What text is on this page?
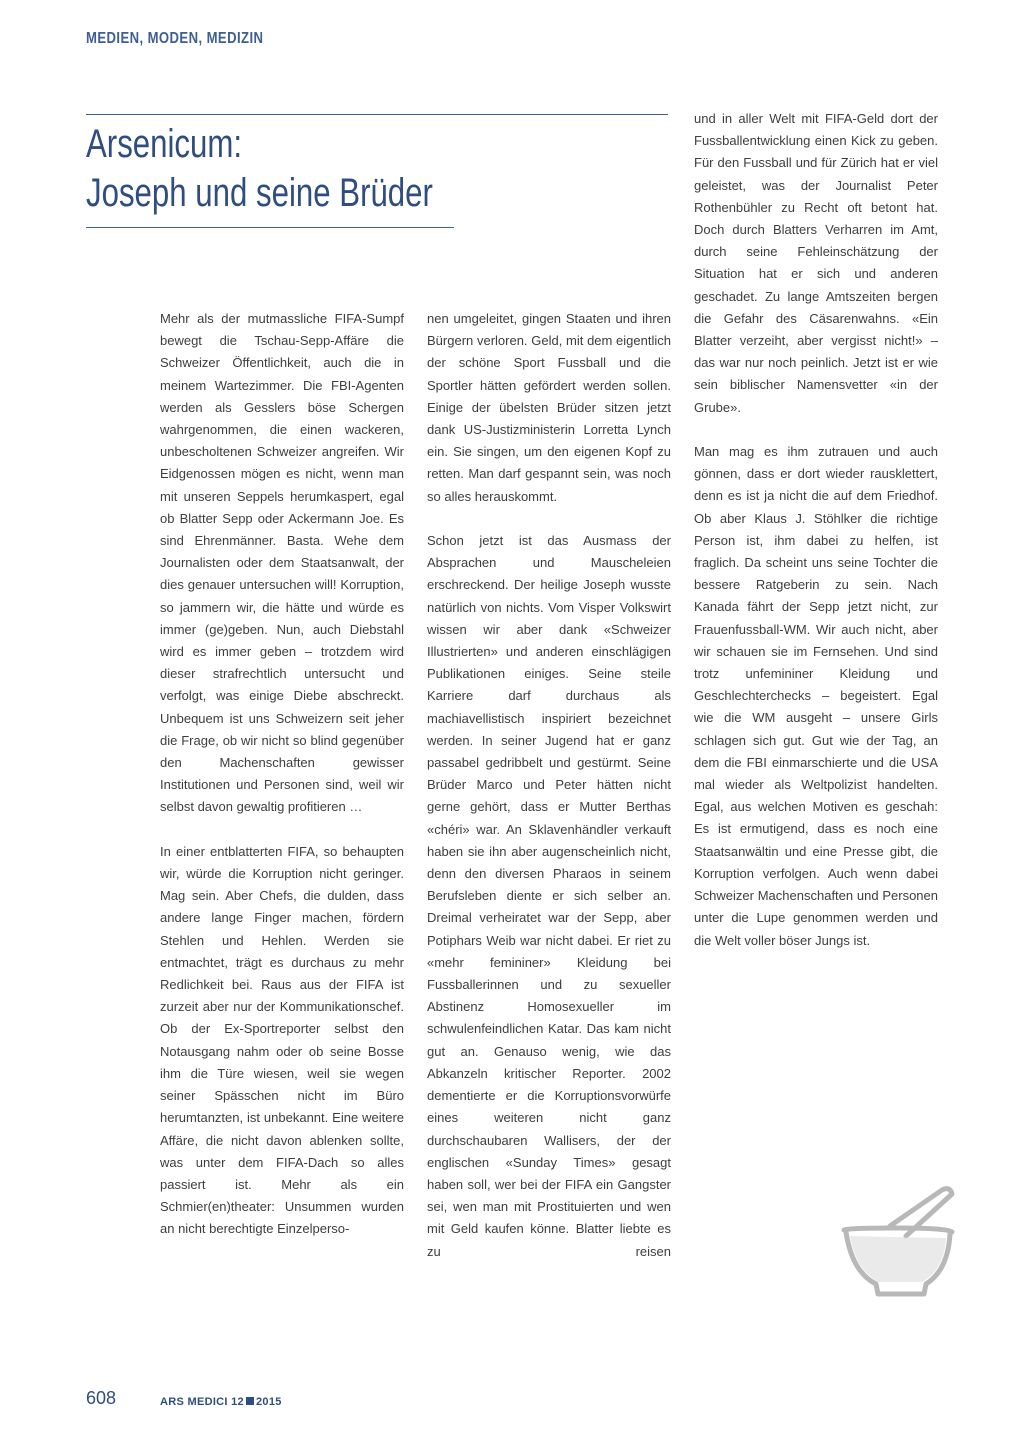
MEDIEN, MODEN, MEDIZIN
Arsenicum:
Joseph und seine Brüder

Mehr als der mutmassliche FIFA-Sumpf bewegt die Tschau-Sepp-Affäre die Schweizer Öffentlichkeit, auch die in meinem Wartezimmer. Die FBI-Agenten werden als Gesslers böse Schergen wahrgenommen, die einen wackeren, unbescholtenen Schweizer angreifen. Wir Eidgenossen mögen es nicht, wenn man mit unseren Seppels herumkaspert, egal ob Blatter Sepp oder Ackermann Joe. Es sind Ehrenmänner. Basta. Wehe dem Journalisten oder dem Staatsanwalt, der dies genauer untersuchen will! Korruption, so jammern wir, die hätte und würde es immer (ge)geben. Nun, auch Diebstahl wird es immer geben – trotzdem wird dieser strafrechtlich untersucht und verfolgt, was einige Diebe abschreckt. Unbequem ist uns Schweizern seit jeher die Frage, ob wir nicht so blind gegenüber den Machenschaften gewisser Institutionen und Personen sind, weil wir selbst davon gewaltig profitieren …

In einer entblatterten FIFA, so behaupten wir, würde die Korruption nicht geringer. Mag sein. Aber Chefs, die dulden, dass andere lange Finger machen, fördern Stehlen und Hehlen. Werden sie entmachtet, trägt es durchaus zu mehr Redlichkeit bei. Raus aus der FIFA ist zurzeit aber nur der Kommunikationschef. Ob der Ex-Sportreporter selbst den Notausgang nahm oder ob seine Bosse ihm die Türe wiesen, weil sie wegen seiner Spässchen nicht im Büro herumtanzten, ist unbekannt. Eine weitere Affäre, die nicht davon ablenken sollte, was unter dem FIFA-Dach so alles passiert ist. Mehr als ein Schmier(en)theater: Unsummen wurden an nicht berechtigte Einzelperso-

nen umgeleitet, gingen Staaten und ihren Bürgern verloren. Geld, mit dem eigentlich der schöne Sport Fussball und die Sportler hätten gefördert werden sollen. Einige der übelsten Brüder sitzen jetzt dank US-Justizministerin Lorretta Lynch ein. Sie singen, um den eigenen Kopf zu retten. Man darf gespannt sein, was noch so alles herauskommt.

Schon jetzt ist das Ausmass der Absprachen und Mauscheleien erschreckend. Der heilige Joseph wusste natürlich von nichts. Vom Visper Volkswirt wissen wir aber dank «Schweizer Illustrierten» und anderen einschlägigen Publikationen einiges. Seine steile Karriere darf durchaus als machiavellistisch inspiriert bezeichnet werden. In seiner Jugend hat er ganz passabel gedribbelt und gestürmt. Seine Brüder Marco und Peter hätten nicht gerne gehört, dass er Mutter Berthas «chéri» war. An Sklavenhändler verkauft haben sie ihn aber augenscheinlich nicht, denn den diversen Pharaos in seinem Berufsleben diente er sich selber an. Dreimal verheiratet war der Sepp, aber Potiphars Weib war nicht dabei. Er riet zu «mehr femininer» Kleidung bei Fussballerinnen und zu sexueller Abstinenz Homosexueller im schwulenfeindlichen Katar. Das kam nicht gut an. Genauso wenig, wie das Abkanzeln kritischer Reporter. 2002 dementierte er die Korruptionsvorwürfe eines weiteren nicht ganz durchschaubaren Wallisers, der der englischen «Sunday Times» gesagt haben soll, wer bei der FIFA ein Gangster sei, wen man mit Prostituierten und wen mit Geld kaufen könne. Blatter liebte es zu reisen

und in aller Welt mit FIFA-Geld dort der Fussballentwicklung einen Kick zu geben. Für den Fussball und für Zürich hat er viel geleistet, was der Journalist Peter Rothenbühler zu Recht oft betont hat. Doch durch Blatters Verharren im Amt, durch seine Fehleinschätzung der Situation hat er sich und anderen geschadet. Zu lange Amtszeiten bergen die Gefahr des Cäsarenwahns. «Ein Blatter verzeiht, aber vergisst nicht!» – das war nur noch peinlich. Jetzt ist er wie sein biblischer Namensvetter «in der Grube».

Man mag es ihm zutrauen und auch gönnen, dass er dort wieder rausklettert, denn es ist ja nicht die auf dem Friedhof. Ob aber Klaus J. Stöhlker die richtige Person ist, ihm dabei zu helfen, ist fraglich. Da scheint uns seine Tochter die bessere Ratgeberin zu sein. Nach Kanada fährt der Sepp jetzt nicht, zur Frauenfussball-WM. Wir auch nicht, aber wir schauen sie im Fernsehen. Und sind trotz unfemininer Kleidung und Geschlechterchecks – begeistert. Egal wie die WM ausgeht – unsere Girls schlagen sich gut. Gut wie der Tag, an dem die FBI einmarschierte und die USA mal wieder als Weltpolizist handelten. Egal, aus welchen Motiven es geschah: Es ist ermutigend, dass es noch eine Staatsanwältin und eine Presse gibt, die Korruption verfolgen. Auch wenn dabei Schweizer Machenschaften und Personen unter die Lupe genommen werden und die Welt voller böser Jungs ist.

608	ARS MEDICI 12 2015
